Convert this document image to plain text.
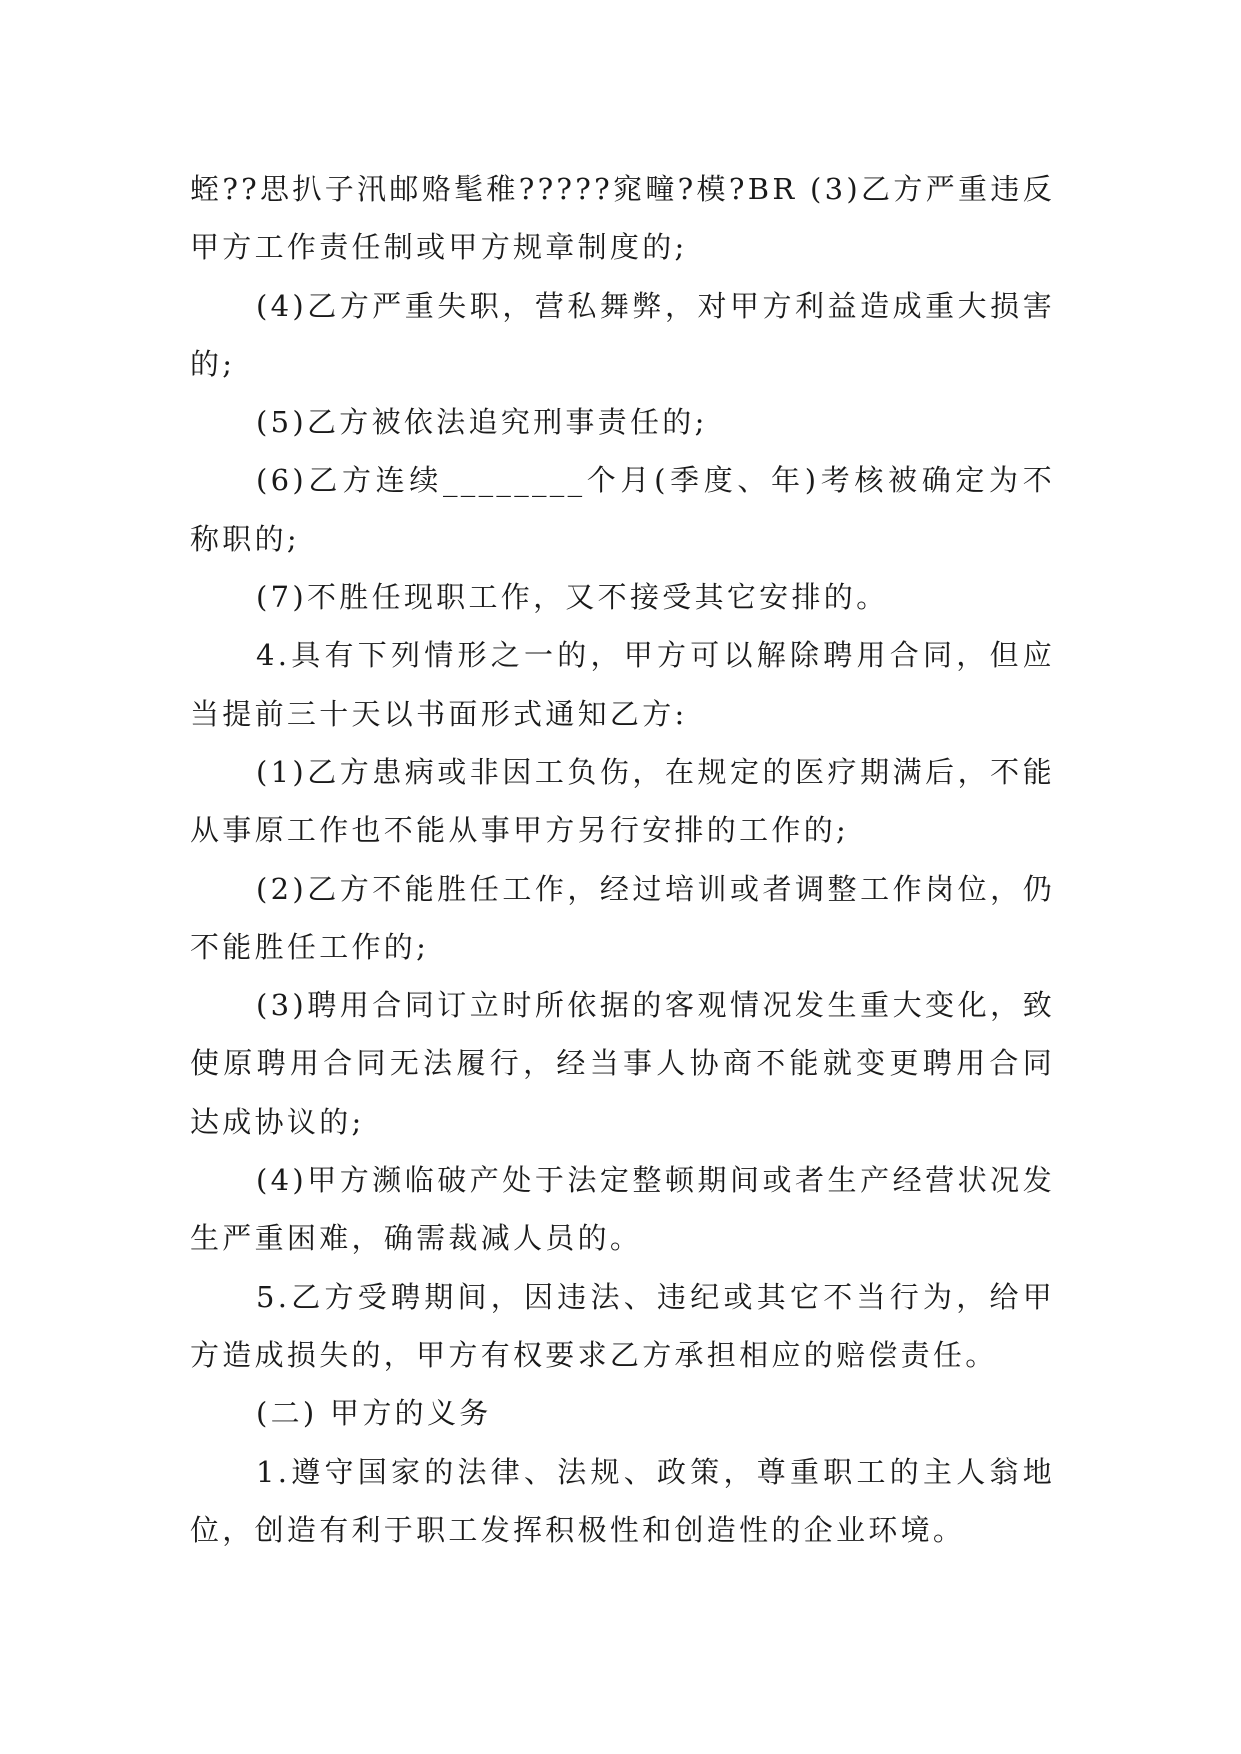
蛭??思扒子汛邮赂髦稚?????窕疃?模?BR (3)乙方严重违反甲方工作责任制或甲方规章制度的;

(4)乙方严重失职，营私舞弊，对甲方利益造成重大损害的;

(5)乙方被依法追究刑事责任的;

(6)乙方连续________个月(季度、年)考核被确定为不称职的;

(7)不胜任现职工作，又不接受其它安排的。

4.具有下列情形之一的，甲方可以解除聘用合同，但应当提前三十天以书面形式通知乙方:

(1)乙方患病或非因工负伤，在规定的医疗期满后，不能从事原工作也不能从事甲方另行安排的工作的;

(2)乙方不能胜任工作，经过培训或者调整工作岗位，仍不能胜任工作的;

(3)聘用合同订立时所依据的客观情况发生重大变化，致使原聘用合同无法履行，经当事人协商不能就变更聘用合同达成协议的;

(4)甲方濒临破产处于法定整顿期间或者生产经营状况发生严重困难，确需裁减人员的。

5.乙方受聘期间，因违法、违纪或其它不当行为，给甲方造成损失的，甲方有权要求乙方承担相应的赔偿责任。

(二) 甲方的义务

1.遵守国家的法律、法规、政策，尊重职工的主人翁地位，创造有利于职工发挥积极性和创造性的企业环境。
